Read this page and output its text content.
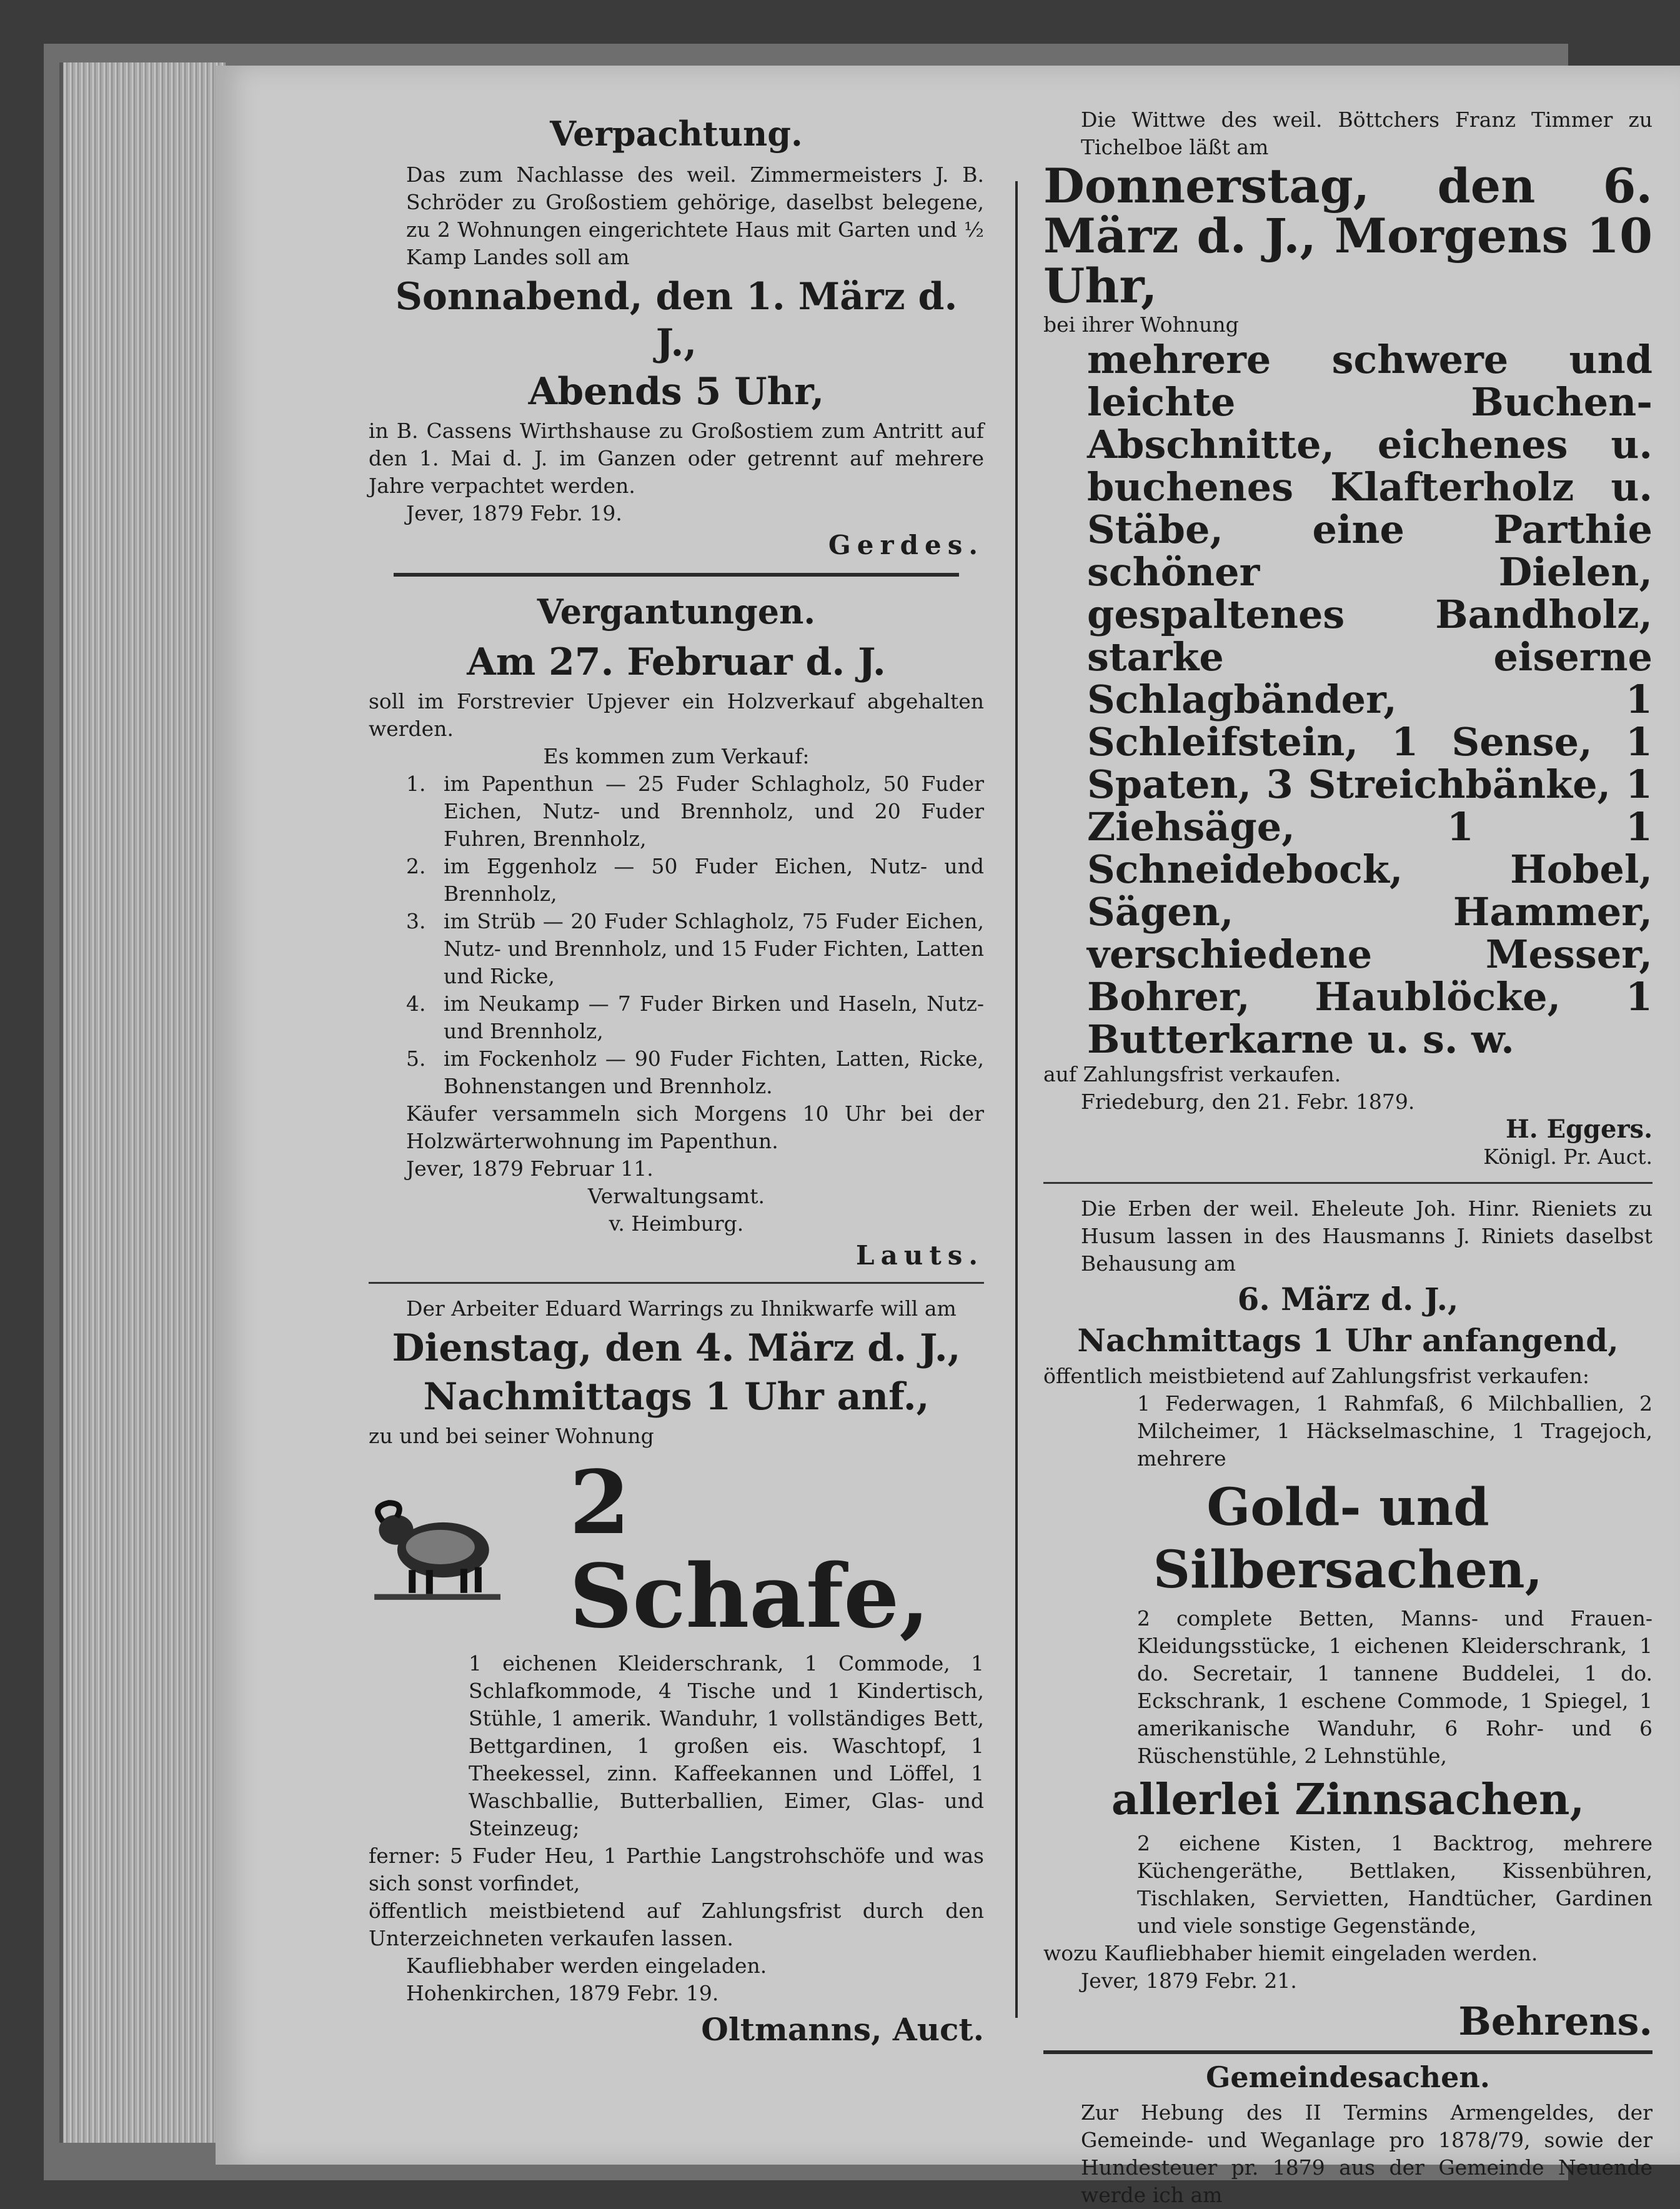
Verpachtung.

Das zum Nachlasse des weil. Zimmermeisters J. B. Schröder zu Großostiem gehörige, daselbst belegene, zu 2 Wohnungen eingerichtete Haus mit Garten und ½ Kamp Landes soll am

Sonnabend, den 1. März d. J.,
Abends 5 Uhr,

in B. Cassens Wirthshause zu Großostiem zum Antritt auf den 1. Mai d. J. im Ganzen oder getrennt auf mehrere Jahre verpachtet werden.

Jever, 1879 Febr. 19.

Gerdes.
Vergantungen.
Am 27. Februar d. J.

soll im Forstrevier Upjever ein Holzverkauf abgehalten werden.

Es kommen zum Verkauf:

1. im Papenthun — 25 Fuder Schlagholz, 50 Fuder Eichen, Nutz- und Brennholz, und 20 Fuder Fuhren, Brennholz,
2. im Eggenholz — 50 Fuder Eichen, Nutz- und Brennholz,
3. im Strüb — 20 Fuder Schlagholz, 75 Fuder Eichen, Nutz- und Brennholz, und 15 Fuder Fichten, Latten und Ricke,
4. im Neukamp — 7 Fuder Birken und Haseln, Nutz- und Brennholz,
5. im Fockenholz — 90 Fuder Fichten, Latten, Ricke, Bohnenstangen und Brennholz.

Käufer versammeln sich Morgens 10 Uhr bei der Holzwärterwohnung im Papenthun.

Jever, 1879 Februar 11.

Verwaltungsamt.

v. Heimburg.

Lauts.

Der Arbeiter Eduard Warrings zu Ihnikwarfe will am

Dienstag, den 4. März d. J.,
Nachmittags 1 Uhr anf.,

zu und bei seiner Wohnung

2 Schafe,

1 eichenen Kleiderschrank, 1 Commode, 1 Schlafkommode, 4 Tische und 1 Kindertisch, Stühle, 1 amerik. Wanduhr, 1 vollständiges Bett, Bettgardinen, 1 großen eis. Waschtopf, 1 Theekessel, zinn. Kaffeekannen und Löffel, 1 Waschballie, Butterballien, Eimer, Glas- und Steinzeug;

ferner: 5 Fuder Heu, 1 Parthie Langstrohschöfe und was sich sonst vorfindet,

öffentlich meistbietend auf Zahlungsfrist durch den Unterzeichneten verkaufen lassen.

Kaufliebhaber werden eingeladen.

Hohenkirchen, 1879 Febr. 19.

Oltmanns, Auct.

Die Wittwe des weil. Böttchers Franz Timmer zu Tichelboe läßt am

Donnerstag, den 6. März d. J., Morgens 10 Uhr,

bei ihrer Wohnung

mehrere schwere und leichte Buchen-Abschnitte, eichenes u. buchenes Klafterholz u. Stäbe, eine Parthie schöner Dielen, gespaltenes Bandholz, starke eiserne Schlagbänder, 1 Schleifstein, 1 Sense, 1 Spaten, 3 Streichbänke, 1 Ziehsäge, 1 1 Schneidebock, Hobel, Sägen, Hammer, verschiedene Messer, Bohrer, Haublöcke, 1 Butterkarne u. s. w.

auf Zahlungsfrist verkaufen.

Friedeburg, den 21. Febr. 1879.

H. Eggers.

Königl. Pr. Auct.

Die Erben der weil. Eheleute Joh. Hinr. Rieniets zu Husum lassen in des Hausmanns J. Riniets daselbst Behausung am

6. März d. J.,
Nachmittags 1 Uhr anfangend,

öffentlich meistbietend auf Zahlungsfrist verkaufen:

1 Federwagen, 1 Rahmfaß, 6 Milchballien, 2 Milcheimer, 1 Häckselmaschine, 1 Tragejoch, mehrere

Gold- und Silbersachen,

2 complete Betten, Manns- und Frauen-Kleidungsstücke, 1 eichenen Kleiderschrank, 1 do. Secretair, 1 tannene Buddelei, 1 do. Eckschrank, 1 eschene Commode, 1 Spiegel, 1 amerikanische Wanduhr, 6 Rohr- und 6 Rüschenstühle, 2 Lehnstühle,

allerlei Zinnsachen,

2 eichene Kisten, 1 Backtrog, mehrere Küchengeräthe, Bettlaken, Kissenbühren, Tischlaken, Servietten, Handtücher, Gardinen und viele sonstige Gegenstände,

wozu Kaufliebhaber hiemit eingeladen werden.

Jever, 1879 Febr. 21.

Behrens.
Gemeindesachen.

Zur Hebung des II Termins Armengeldes, der Gemeinde- und Weganlage pro 1878/79, sowie der Hundesteuer pr. 1879 aus der Gemeinde Neuende werde ich am
